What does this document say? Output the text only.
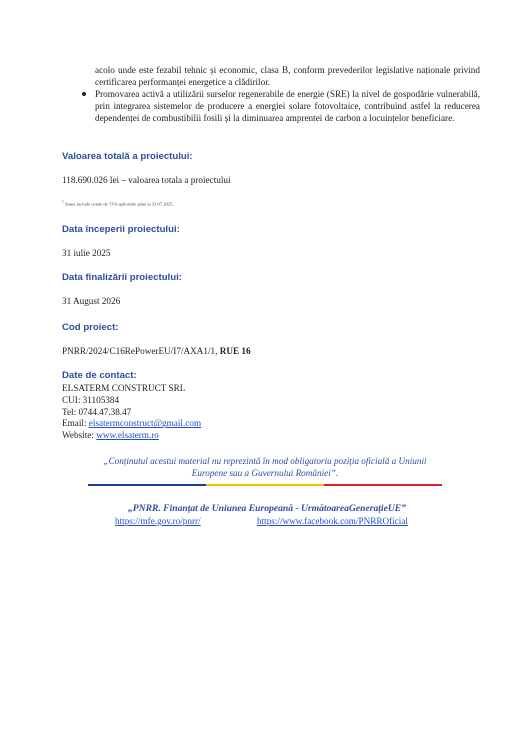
acolo unde este fezabil tehnic și economic, clasa B, conform prevederilor legislative naționale privind certificarea performanței energetice a clădirilor.
Promovarea activă a utilizării surselor regenerabile de energie (SRE) la nivel de gospodărie vulnerabilă, prin integrarea sistemelor de producere a energiei solare fotovoltaice, contribuind astfel la reducerea dependenței de combustibilii fosili și la diminuarea amprentei de carbon a locuințelor beneficiare.
Valoarea totală a proiectului:
118.690.026 lei – valoarea totala a proiectului
$^1$ Suma include cotele de TVA aplicabile până la 31.07.2025.
Data începerii proiectului:
31 iulie 2025
Data finalizării proiectului:
31 August 2026
Cod proiect:
PNRR/2024/C16RePowerEU/I7/AXA1/1, RUE 16
Date de contact:
ELSATERM CONSTRUCT SRL
CUI: 31105384
Tel: 0744.47.38.47
Email: elsatermconstruct@gmail.com
Website: www.elsaterm.ro
„Conținutul acestui material nu reprezintă în mod obligatoriu poziția oficială a Uniunii Europene sau a Guvernului României”.
„PNRR. Finanțat de Uniunea Europeană - UrmătoareaGenerațieUE”
https://mfe.gov.ro/pnrr/	https://www.facebook.com/PNRROficial
